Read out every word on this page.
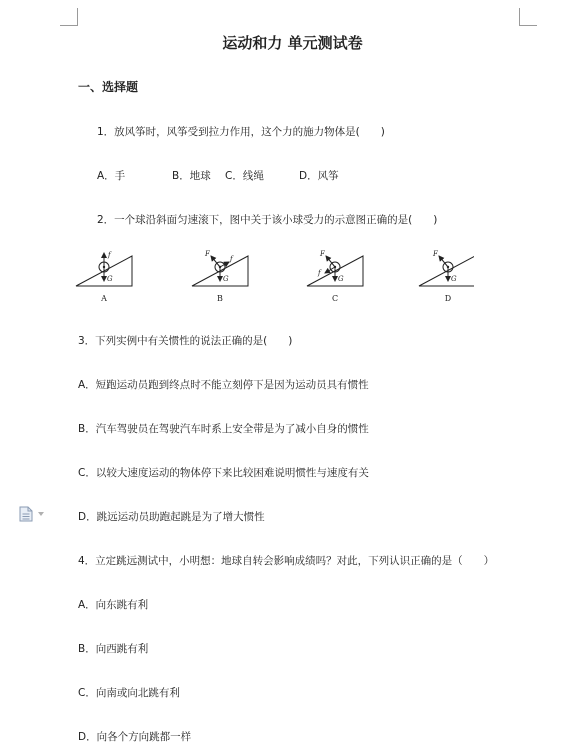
运动和力 单元测试卷
一、选择题
1．放风筝时，风筝受到拉力作用，这个力的施力物体是(　　)
A．手	B．地球 C．线绳	D．风筝
2．一个球沿斜面匀速滚下，图中关于该小球受力的示意图正确的是(　　)
f
G
A
F
f
G
B
F
f
G
C
F
G
D
3．下列实例中有关惯性的说法正确的是(　　)
A．短跑运动员跑到终点时不能立刻停下是因为运动员具有惯性
B．汽车驾驶员在驾驶汽车时系上安全带是为了减小自身的惯性
C．以较大速度运动的物体停下来比较困难说明惯性与速度有关
D．跳远运动员助跑起跳是为了增大惯性
4．立定跳远测试中，小明想：地球自转会影响成绩吗？对此，下列认识正确的是（　　）
A．向东跳有利
B．向西跳有利
C．向南或向北跳有利
D．向各个方向跳都一样
